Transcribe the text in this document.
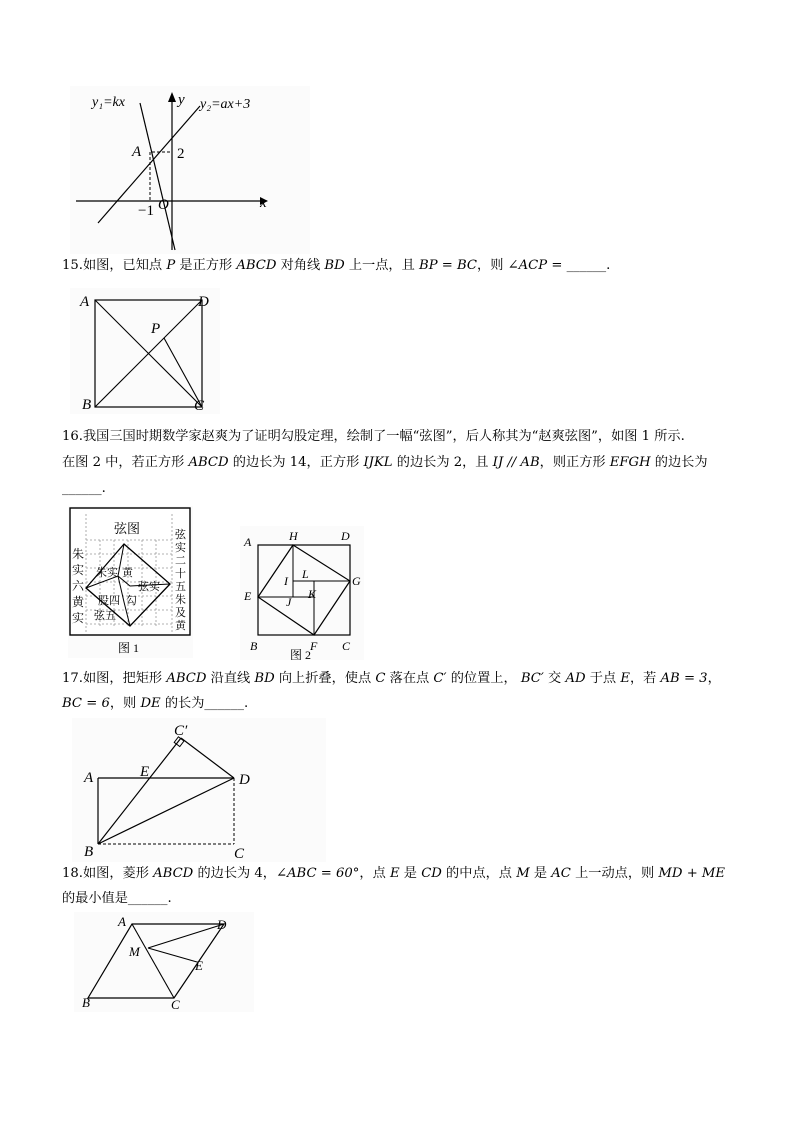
y₁=kx	y₂=ax+3
y
x
A 2
−1 O
15.如图，已知点 P 是正方形 ABCD 对角线 BD 上一点，且 BP = BC，则 ∠ACP = ______.
A	D
B	C
P
16.我国三国时期数学家赵爽为了证明勾股定理，绘制了一幅“弦图”，后人称其为“赵爽弦图”，如图 1 所示.
在图 2 中，若正方形 ABCD 的边长为 14，正方形 IJKL 的边长为 2，且 IJ // AB，则正方形 EFGH 的边长为
______.
弦图
朱
实
六
黄
实
弦
实
二
十
五
朱
及
黄
朱实 黄
弦实
股四 勾
弦五
图 1
A	H	D
G
E
B	F C
I L
J
K
图 2
17.如图，把矩形 ABCD 沿直线 BD 向上折叠，使点 C 落在点 C′ 的位置上， BC′ 交 AD 于点 E，若 AB = 3，
BC = 6，则 DE 的长为______.
C′
A	E	D
B	C
18.如图，菱形 ABCD 的边长为 4，∠ABC = 60°，点 E 是 CD 的中点，点 M 是 AC 上一动点，则 MD + ME
的最小值是______.
A	D
M
E
B	C
